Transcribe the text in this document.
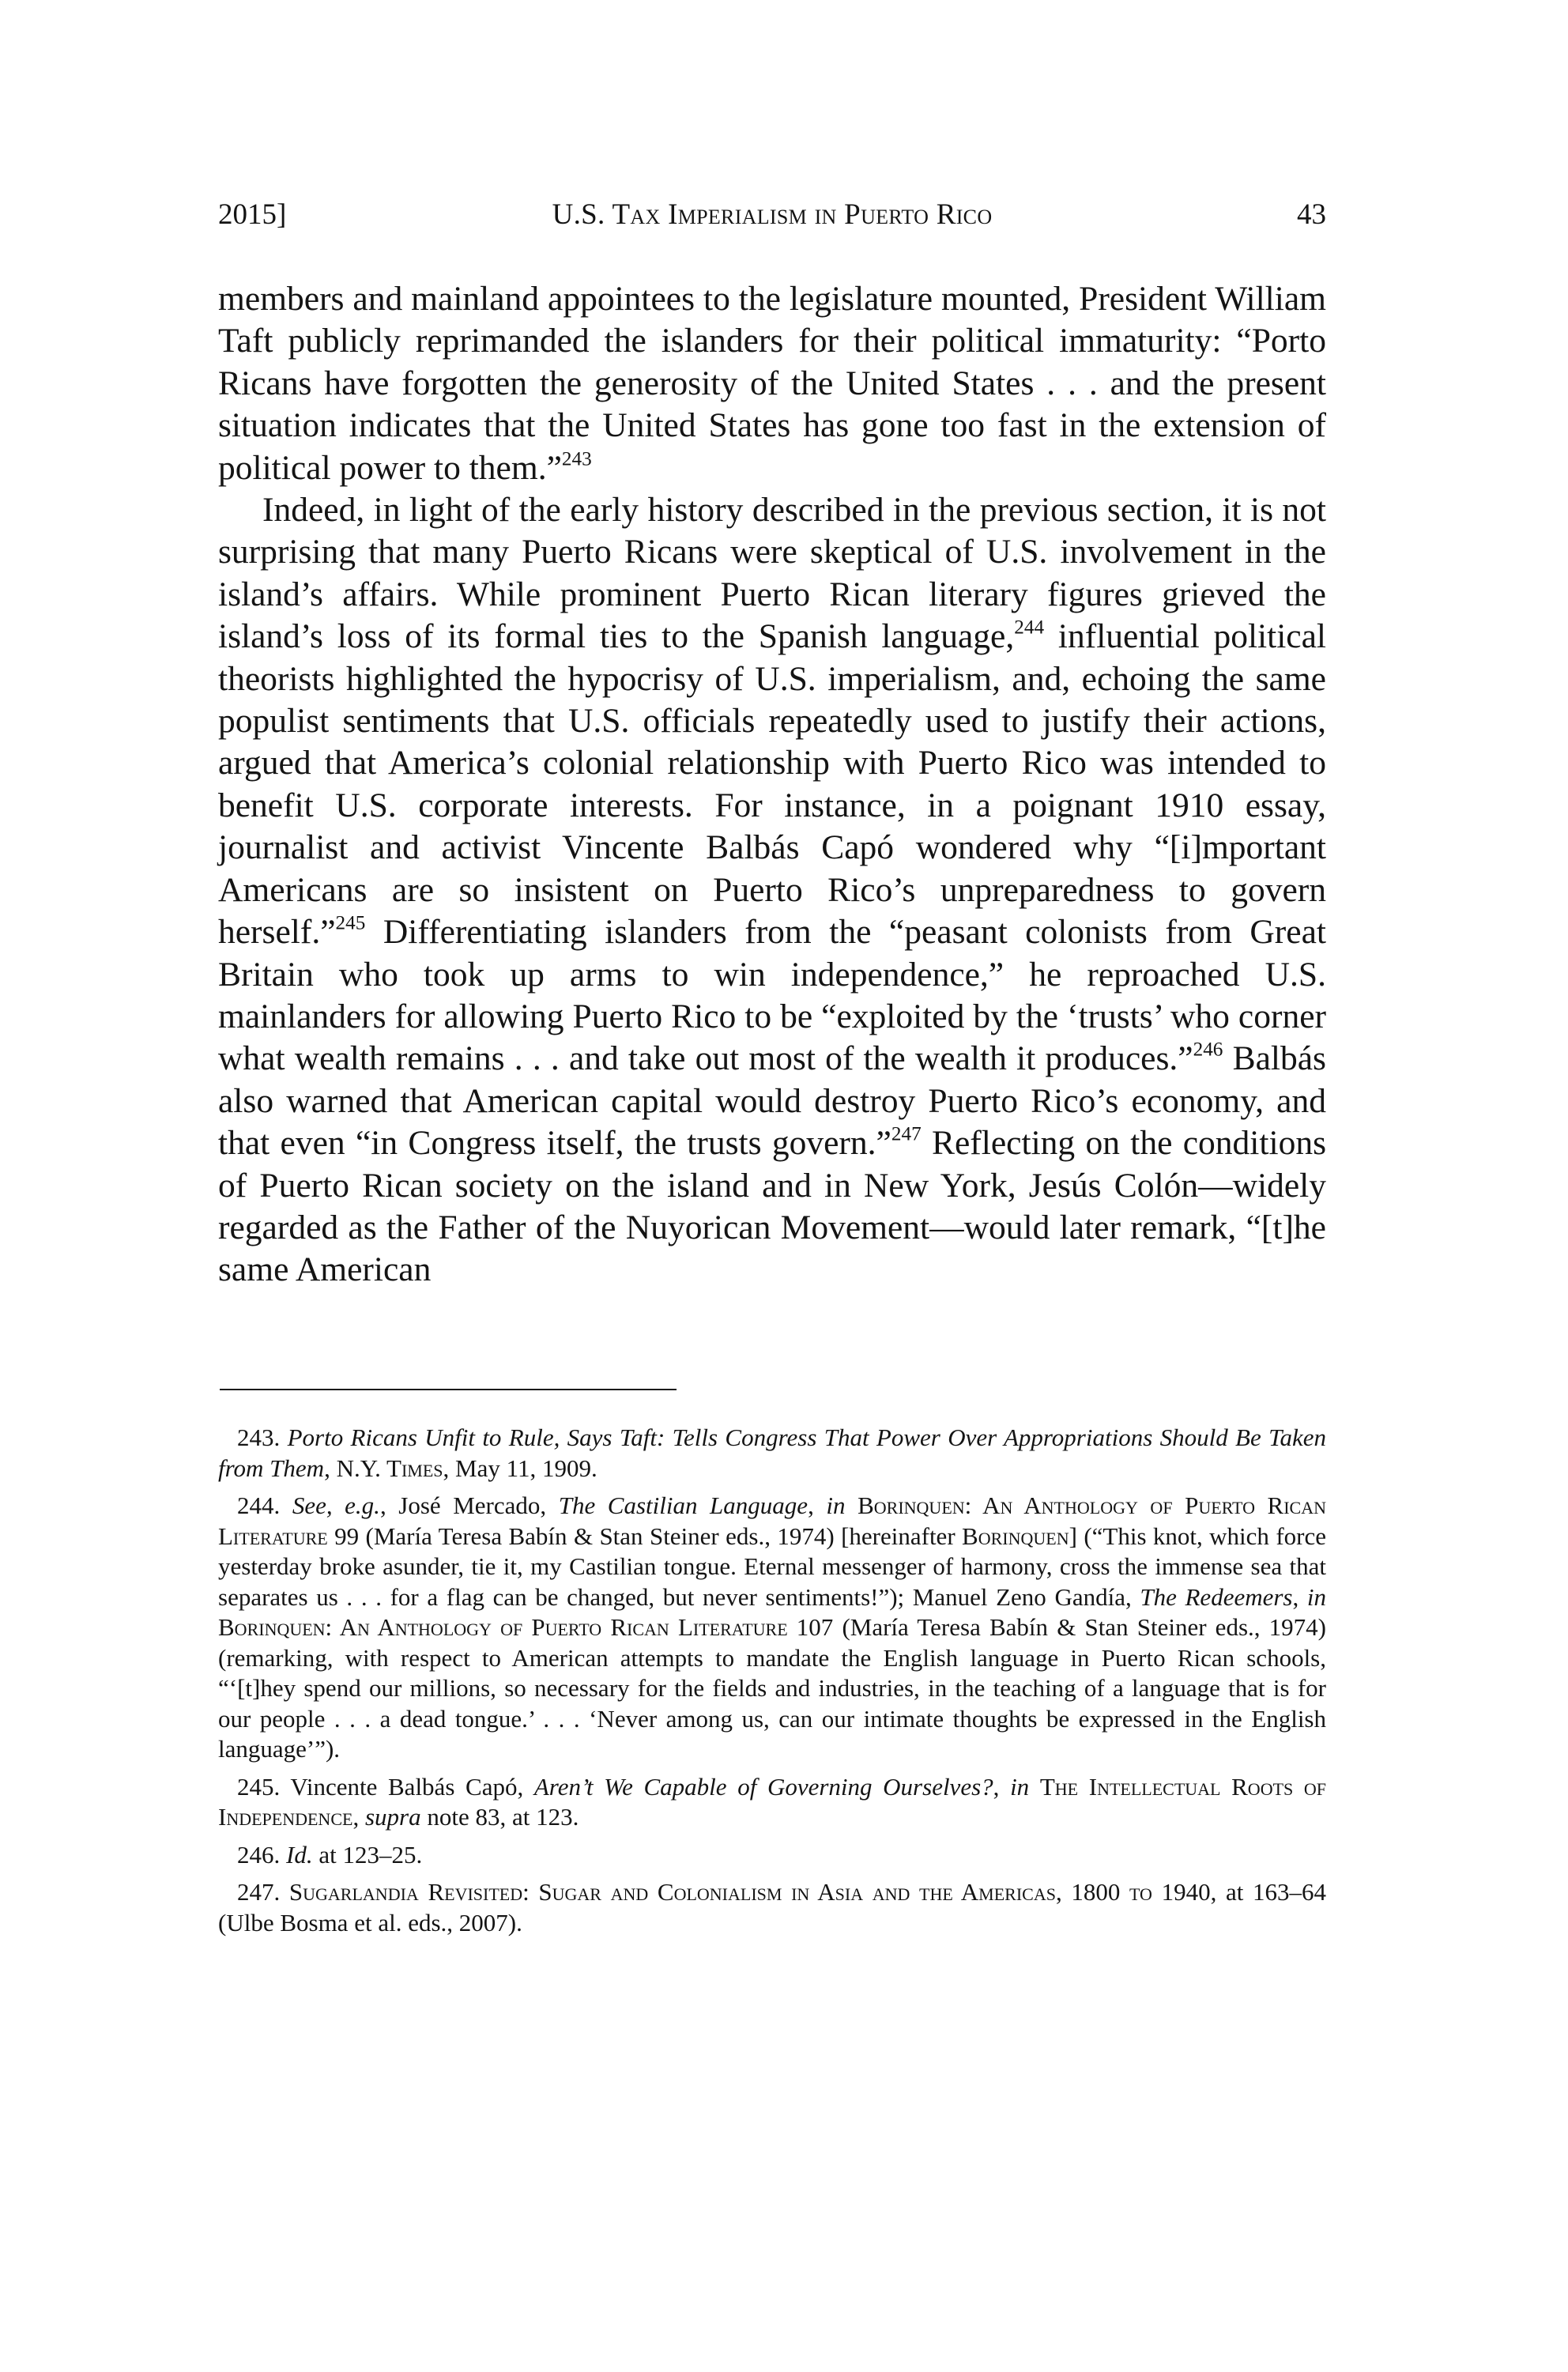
2015]	U.S. Tax Imperialism in Puerto Rico	43

members and mainland appointees to the legislature mounted, President William Taft publicly reprimanded the islanders for their political immaturity: “Porto Ricans have forgotten the generosity of the United States . . . and the present situation indicates that the United States has gone too fast in the extension of political power to them.”$^{243}$

Indeed, in light of the early history described in the previous section, it is not surprising that many Puerto Ricans were skeptical of U.S. involvement in the island’s affairs. While prominent Puerto Rican literary figures grieved the island’s loss of its formal ties to the Spanish language,$^{244}$ influential political theorists highlighted the hypocrisy of U.S. imperialism, and, echoing the same populist sentiments that U.S. officials repeatedly used to justify their actions, argued that America’s colonial relationship with Puerto Rico was intended to benefit U.S. corporate interests. For instance, in a poignant 1910 essay, journalist and activist Vincente Balbás Capó wondered why “[i]mportant Americans are so insistent on Puerto Rico’s unpreparedness to govern herself.”$^{245}$ Differentiating islanders from the “peasant colonists from Great Britain who took up arms to win independence,” he reproached U.S. mainlanders for allowing Puerto Rico to be “exploited by the ‘trusts’ who corner what wealth remains . . . and take out most of the wealth it produces.”$^{246}$ Balbás also warned that American capital would destroy Puerto Rico’s economy, and that even “in Congress itself, the trusts govern.”$^{247}$ Reflecting on the conditions of Puerto Rican society on the island and in New York, Jesús Colón—widely regarded as the Father of the Nuyorican Movement—would later remark, “[t]he same American

243. Porto Ricans Unfit to Rule, Says Taft: Tells Congress That Power Over Appropriations Should Be Taken from Them, N.Y. Times, May 11, 1909.

244. See, e.g., José Mercado, The Castilian Language, in Borinquen: An Anthology of Puerto Rican Literature 99 (María Teresa Babín & Stan Steiner eds., 1974) [hereinafter Borinquen] (“This knot, which force yesterday broke asunder, tie it, my Castilian tongue. Eternal messenger of harmony, cross the immense sea that separates us . . . for a flag can be changed, but never sentiments!”); Manuel Zeno Gandía, The Redeemers, in Borinquen: An Anthology of Puerto Rican Literature 107 (María Teresa Babín & Stan Steiner eds., 1974) (remarking, with respect to American attempts to mandate the English language in Puerto Rican schools, “‘[t]hey spend our millions, so necessary for the fields and industries, in the teaching of a language that is for our people . . . a dead tongue.’ . . . ‘Never among us, can our intimate thoughts be expressed in the English language’”).

245. Vincente Balbás Capó, Aren’t We Capable of Governing Ourselves?, in The Intellectual Roots of Independence, supra note 83, at 123.

246. Id. at 123–25.

247. Sugarlandia Revisited: Sugar and Colonialism in Asia and the Americas, 1800 to 1940, at 163–64 (Ulbe Bosma et al. eds., 2007).
